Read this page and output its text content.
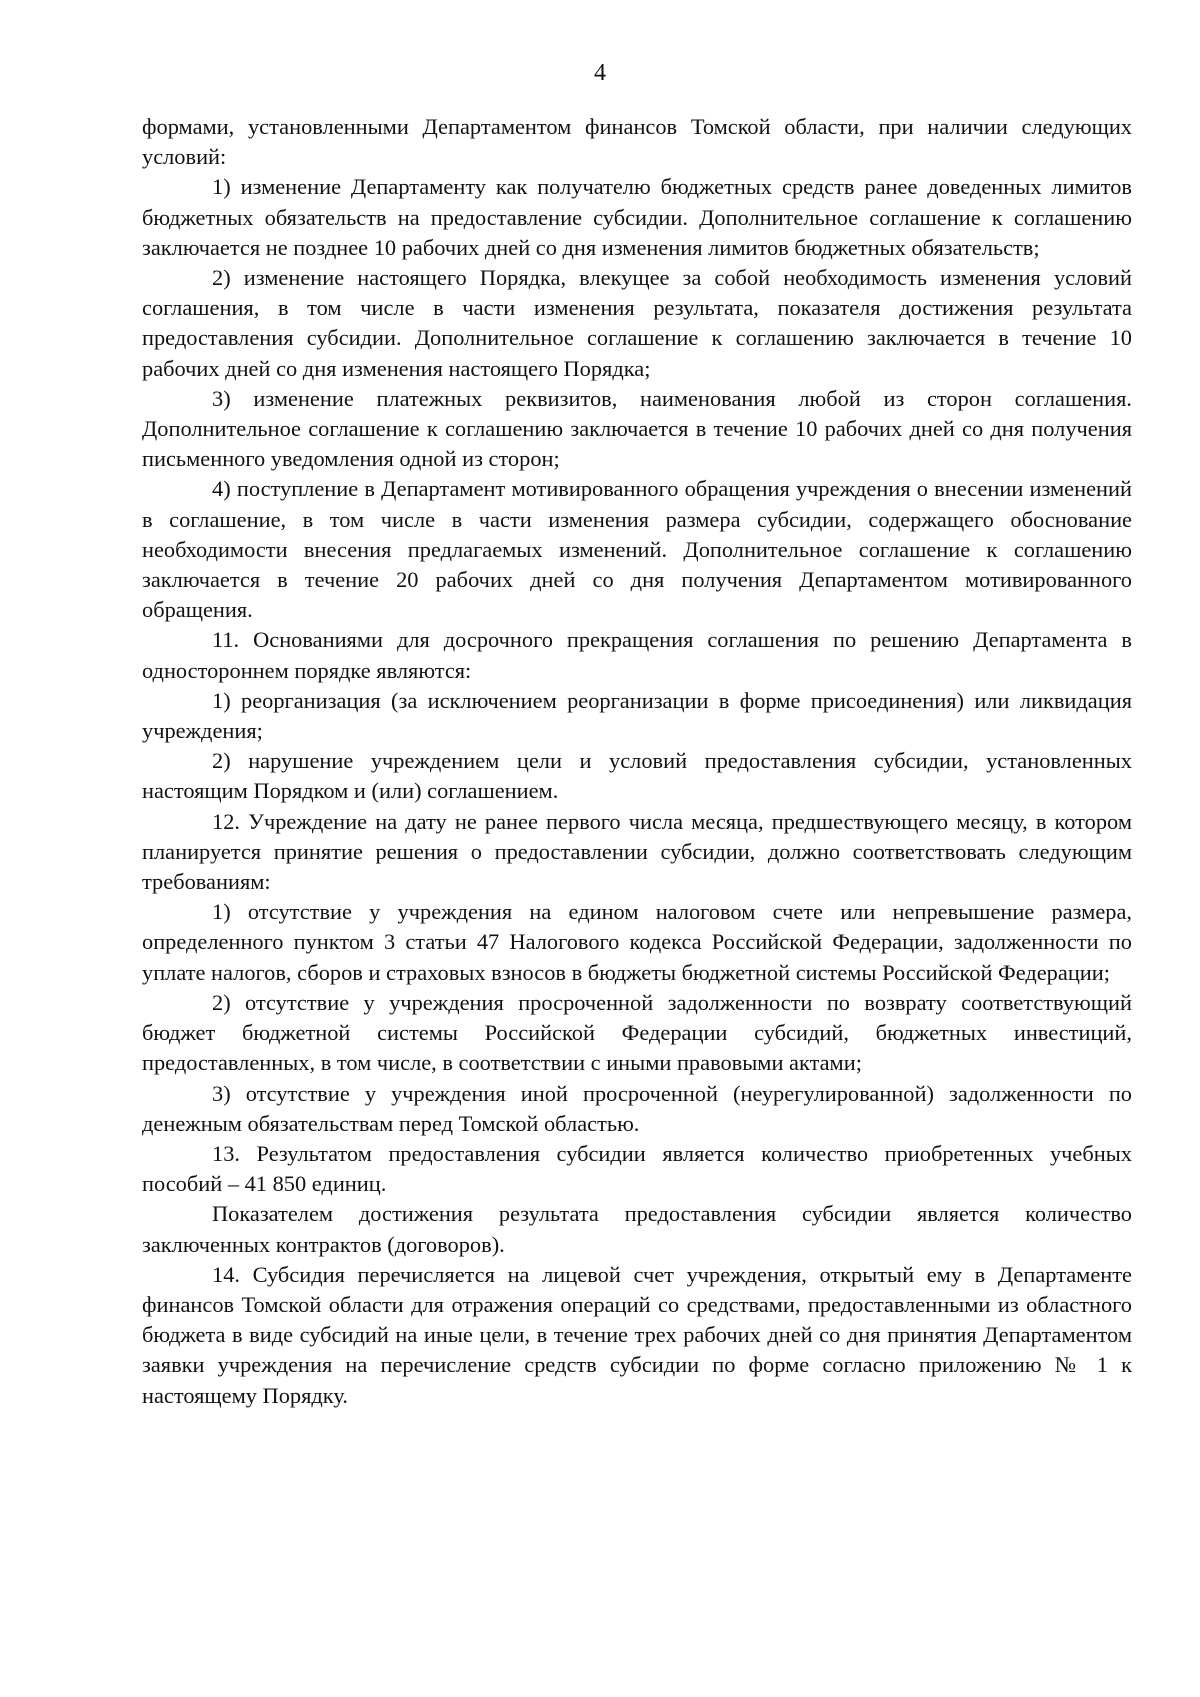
4

формами, установленными Департаментом финансов Томской области, при наличии следующих условий:

1) изменение Департаменту как получателю бюджетных средств ранее доведенных лимитов бюджетных обязательств на предоставление субсидии. Дополнительное соглашение к соглашению заключается не позднее 10 рабочих дней со дня изменения лимитов бюджетных обязательств;

2) изменение настоящего Порядка, влекущее за собой необходимость изменения условий соглашения, в том числе в части изменения результата, показателя достижения результата предоставления субсидии. Дополнительное соглашение к соглашению заключается в течение 10 рабочих дней со дня изменения настоящего Порядка;

3) изменение платежных реквизитов, наименования любой из сторон соглашения. Дополнительное соглашение к соглашению заключается в течение 10 рабочих дней со дня получения письменного уведомления одной из сторон;

4) поступление в Департамент мотивированного обращения учреждения о внесении изменений в соглашение, в том числе в части изменения размера субсидии, содержащего обоснование необходимости внесения предлагаемых изменений. Дополнительное соглашение к соглашению заключается в течение 20 рабочих дней со дня получения Департаментом мотивированного обращения.

11. Основаниями для досрочного прекращения соглашения по решению Департамента в одностороннем порядке являются:

1) реорганизация (за исключением реорганизации в форме присоединения) или ликвидация учреждения;

2) нарушение учреждением цели и условий предоставления субсидии, установленных настоящим Порядком и (или) соглашением.

12. Учреждение на дату не ранее первого числа месяца, предшествующего месяцу, в котором планируется принятие решения о предоставлении субсидии, должно соответствовать следующим требованиям:

1) отсутствие у учреждения на едином налоговом счете или непревышение размера, определенного пунктом 3 статьи 47 Налогового кодекса Российской Федерации, задолженности по уплате налогов, сборов и страховых взносов в бюджеты бюджетной системы Российской Федерации;

2) отсутствие у учреждения просроченной задолженности по возврату соответствующий бюджет бюджетной системы Российской Федерации субсидий, бюджетных инвестиций, предоставленных, в том числе, в соответствии с иными правовыми актами;

3) отсутствие у учреждения иной просроченной (неурегулированной) задолженности по денежным обязательствам перед Томской областью.

13. Результатом предоставления субсидии является количество приобретенных учебных пособий – 41 850 единиц.

Показателем достижения результата предоставления субсидии является количество заключенных контрактов (договоров).

14. Субсидия перечисляется на лицевой счет учреждения, открытый ему в Департаменте финансов Томской области для отражения операций со средствами, предоставленными из областного бюджета в виде субсидий на иные цели, в течение трех рабочих дней со дня принятия Департаментом заявки учреждения на перечисление средств субсидии по форме согласно приложению № 1 к настоящему Порядку.
